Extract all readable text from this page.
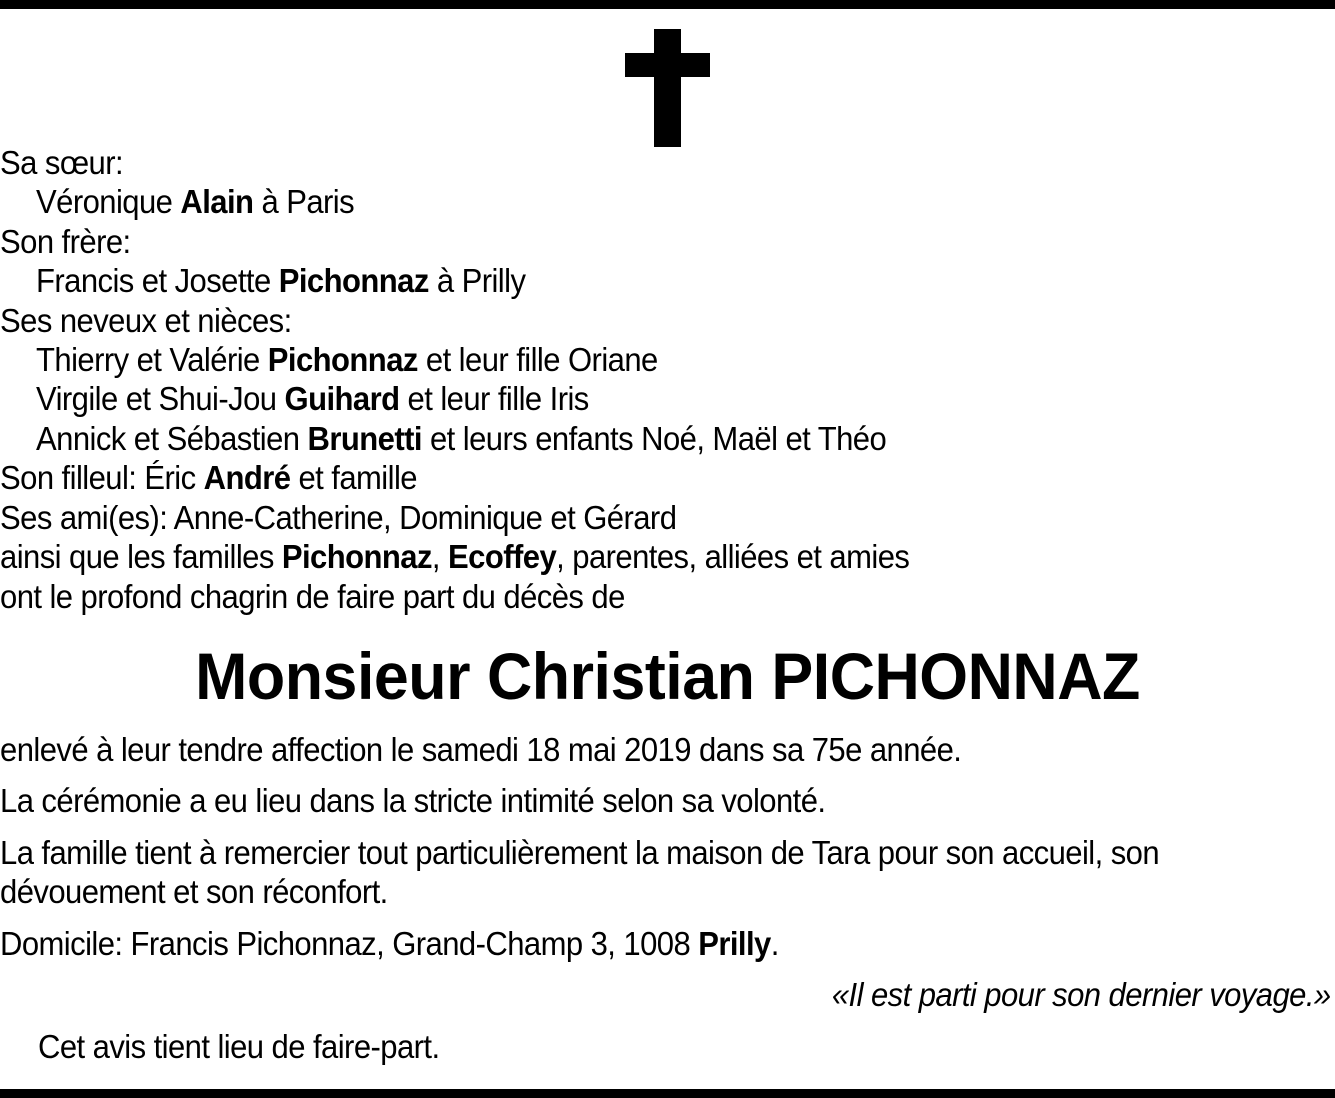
Sa sœur:
Véronique Alain à Paris
Son frère:
Francis et Josette Pichonnaz à Prilly
Ses neveux et nièces:
Thierry et Valérie Pichonnaz et leur fille Oriane
Virgile et Shui-Jou Guihard et leur fille Iris
Annick et Sébastien Brunetti et leurs enfants Noé, Maël et Théo
Son filleul: Éric André et famille
Ses ami(es): Anne-Catherine, Dominique et Gérard
ainsi que les familles Pichonnaz, Ecoffey, parentes, alliées et amies
ont le profond chagrin de faire part du décès de
Monsieur Christian PICHONNAZ
enlevé à leur tendre affection le samedi 18 mai 2019 dans sa 75e année.
La cérémonie a eu lieu dans la stricte intimité selon sa volonté.
La famille tient à remercier tout particulièrement la maison de Tara pour son accueil, son
dévouement et son réconfort.
Domicile: Francis Pichonnaz, Grand-Champ 3, 1008 Prilly.
«Il est parti pour son dernier voyage.»
Cet avis tient lieu de faire-part.
